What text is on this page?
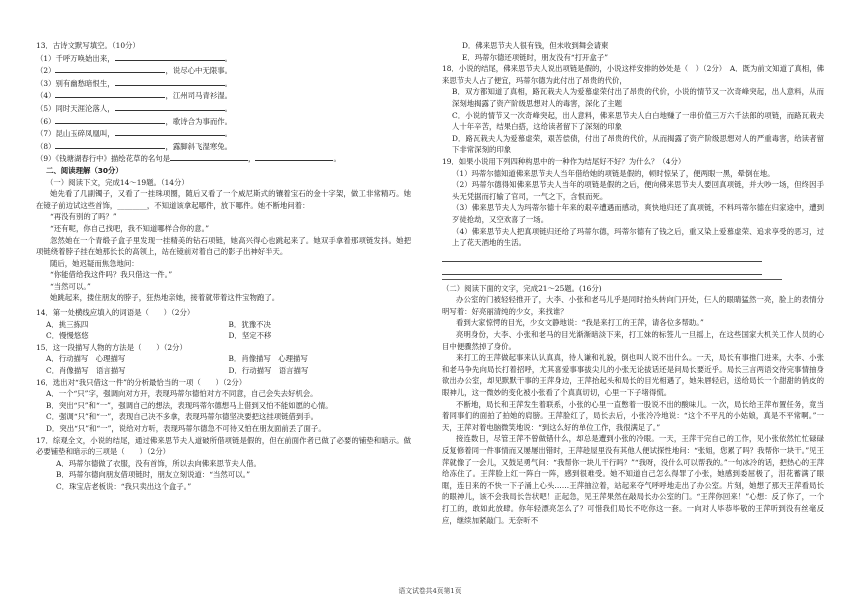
13．古诗文默写填空。（10分）
（1）千呼万唤始出来，	。
（2）	，说尽心中无限事。
（3）别有幽愁暗恨生，	。
（4）	，江州司马青衫湿。
（5）同时天涯沦落人，	。
（6）	，歌诗合为事而作。
（7）昆山玉碎凤凰叫，	。
（8）	，露脚斜飞湿寒兔。
（9）《钱塘湖春行中》描绘花草的名句是	，	。
二、阅读理解（30分）
（一）阅读下文，完成14～19题。（14分）
她先看了几副镯子，又看了一挂珠项圈，随后又看了一个威尼斯式的镶着宝石的金十字架，做工非常精巧。她在镜子前边试这些首饰，________，不知道该拿起哪件，放下哪件。她不断地问着：
“再没有别的了吗？”
“还有呢，你自己找吧，我不知道哪样合你的意。”
忽然她在一个青缎子盒子里发现一挂精美的钻石项链，她高兴得心也跳起来了。她双手拿着那项链发抖。她把项链绕着脖子挂在她那长长的高领上，站在镜前对着自己的影子出神好半天。
随后，她迟疑而焦急地问：
“你能借给我这件吗？我只借这一件。”
“当然可以。”
她跳起来，搂住朋友的脖子，狂热地亲她，接着就带着这件宝物跑了。
14．第一处横线应填入的词语是（　　）（2分）
A．挑三拣四	B．犹豫不决
C．慢慢悠悠	D．坚定不移
15．这一段描写人物的方法是（　　）（2分）
A．行动描写　心理描写	B．肖像描写　心理描写
C．肖像描写　语言描写	D．行动描写　语言描写
16．选出对“我只借这一件”的分析最恰当的一项（　　）（2分）
A．一个“只”字，强调向对方开，表现玛蒂尔德怕对方不同意，自己会失去好机会。
B．突出“只”和“一”，强调自己的想法，表现玛蒂尔德想马上借到又怕不能如愿的心情。
C．强调“只”和“一”，表现自己决不多拿，表现玛蒂尔德坚决要把这挂项链借到手。
D．突出“只”和“一”，说给对方听，表现玛蒂尔德急不可待又怕在朋友面前丢了面子。
17．综观全文，小说的结尾，通过佛来思节夫人道破所借项链是假的，但在前面作者已做了必要的铺垫和暗示。做必要铺垫和暗示的三项是（　　）（2分）
A．玛蒂尔德做了衣服，没有首饰，所以去向佛来思节夫人借。
B．玛蒂尔德向朋友借项链时，朋友立刻说道：“当然可以。”
C．珠宝店老板说：“我只卖出这个盒子。”
D．佛来思节夫人很有钱，但未收到舞会请柬
E．玛蒂尔德还项链时，朋友没有“打开盒子”
18．小说的结尾，佛来思节夫人说出项链是假的，小说这样安排的妙处是（　）（2分）　A．既为前文知道了真相，佛来思节夫人占了便宜，玛蒂尔德为此付出了昂贵的代价，
B．双方都知道了真相，路瓦栽夫人为爱慕虚荣付出了昂贵的代价，小说的情节又一次奇峰突起，出人意料，从而深刻地揭露了资产阶级思想对人的毒害，深化了主题
C．小说的情节又一次奇峰突起，出人意料，佛来思节夫人白白地赚了一串价值三万六千法郎的项链，而路瓦栽夫人十年辛苦，结果白搭，这给读者留下了深刻的印象
D．路瓦栽夫人为爱慕虚荣，艰苦偿债，付出了昂贵的代价，从而揭露了资产阶级思想对人的严重毒害，给读者留下非常深刻的印象
19．如果小说用下列四种构思中的一种作为结尾好不好？为什么？（4分）
（1）玛蒂尔德知道佛来思节夫人当年借给她的项链是假的，顿时惊呆了，便两眼一黑，晕倒在地。
（2）玛蒂尔德得知佛来思节夫人当年的项链是假的之后，便向佛来思节夫人要回真项链，并大吵一场，但终因手头无凭据而打输了官司，一气之下，含恨而死。
（3）佛来思节夫人为玛蒂尔德十年来的艰辛遭遇而感动，爽快地归还了真项链，不料玛蒂尔德在归家途中，遭到歹徒抢劫，又空欢喜了一场。
（4）佛来思节夫人把真项链归还给了玛蒂尔德，玛蒂尔德有了钱之后，重又染上爱慕虚荣、追求享受的恶习，过上了花天酒地的生活。
（二）阅读下面的文字，完成21～25题。(16分)
办公室的门被轻轻推开了，大李、小张和老马儿乎是同时抬头转向门开处，仨人的眼睛猛然一亮，脸上的表情分明写着：好亮丽清纯的少女，来找谁？
看到大家惊愕的目光，少女文静地说：“我是来打工的王萍，请各位多帮助。”
亮明身份，大李、小张和老马的目光渐渐暗淡下来，打工妹的标签儿一旦摇上，在这些国家大机关工作人员的心目中便骤然掉了身价。
来打工的王萍做起事来认认真真，待人谦和礼貌，倒也叫人说不出什么。一天，局长有事推门进来，大李、小张和老马争先向局长打着招呼，尤其喜爱事事拔尖儿的小张无论拔话还是问局长要近乎。局长三言两语交待完事情抽身欲出办公室，却见默默干事的王萍身边，王萍抬起头和局长的目光相遇了，她朱唇轻启，送给局长一个甜甜的俏皮的眼神儿，这一微妙的变化被小张看了个真真切切，心里一下子堵得慌。
不断地，局长和王萍发生着联系，小张的心里一直憋着一股说不出的酸味儿。一次，局长给王萍布置任务，竟当着同事们的面拍了拍她的肩膀。王萍脸红了，局长去后，小张冷冷地说：“这个不平凡的小姑娘，真是不平常啊。”一天，王萍对着电脑微笑地说：“到这么好的单位工作，我很满足了。”
接连数日，尽管王萍不曾做错什么，却总是遭到小张的冷眼。一天，王萍干完自己的工作，见小张依然忙忙碌碌反复修着同一件事情而又屡屡出错时，王萍趁屋里没有其他人便试探性地问：“张姐，您累了吗？我帮你一块干。”见王萍就像了一会儿，又鼓足勇气问：“我帮你一块儿干行吗？”“我呀，没什么可以帮我的。”一句冰冷的话，把热心的王萍给冻住了。王萍脸上红一阵白一阵，感到很难受。她不知道自己怎么得罪了小张，她感到委屈极了，泪花蓄满了眼眶，连日来的不快一下子涌上心头……王萍抽泣着，站起来夺气呼呼地走出了办公室。片刻，她想了那天王萍看局长的眼神儿，该不会我局长告状吧！正起急，见王萍果然在敲局长办公室的门。“王萍你回来！”心想：反了你了，一个打工的，敢如此放肆。你年轻漂亮怎么了？可惜我们局长不吃你这一套。一向对人毕恭毕敬的王萍听到没有丝毫反应，继续加紧敲门。无奈听不
语文试卷共4页第1页
